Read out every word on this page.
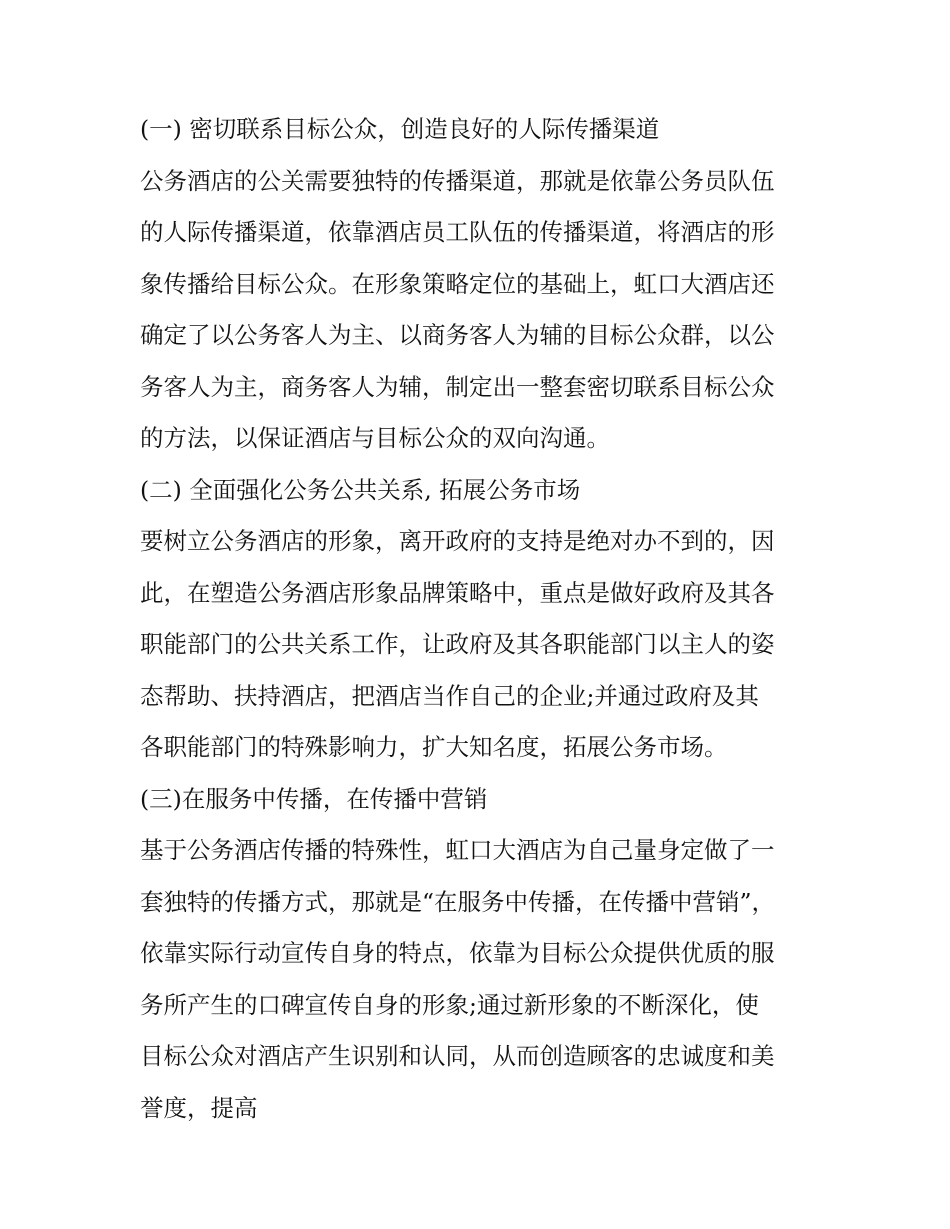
(一) 密切联系目标公众，创造良好的人际传播渠道
公务酒店的公关需要独特的传播渠道，那就是依靠公务员队伍
的人际传播渠道，依靠酒店员工队伍的传播渠道，将酒店的形
象传播给目标公众。在形象策略定位的基础上，虹口大酒店还
确定了以公务客人为主、以商务客人为辅的目标公众群，以公
务客人为主，商务客人为辅，制定出一整套密切联系目标公众
的方法，以保证酒店与目标公众的双向沟通。
(二) 全面强化公务公共关系, 拓展公务市场
要树立公务酒店的形象，离开政府的支持是绝对办不到的，因
此，在塑造公务酒店形象品牌策略中，重点是做好政府及其各
职能部门的公共关系工作，让政府及其各职能部门以主人的姿
态帮助、扶持酒店，把酒店当作自己的企业;并通过政府及其
各职能部门的特殊影响力，扩大知名度，拓展公务市场。
(三)在服务中传播，在传播中营销
基于公务酒店传播的特殊性，虹口大酒店为自己量身定做了一
套独特的传播方式，那就是“在服务中传播，在传播中营销”，
依靠实际行动宣传自身的特点，依靠为目标公众提供优质的服
务所产生的口碑宣传自身的形象;通过新形象的不断深化，使
目标公众对酒店产生识别和认同，从而创造顾客的忠诚度和美
誉度，提高
